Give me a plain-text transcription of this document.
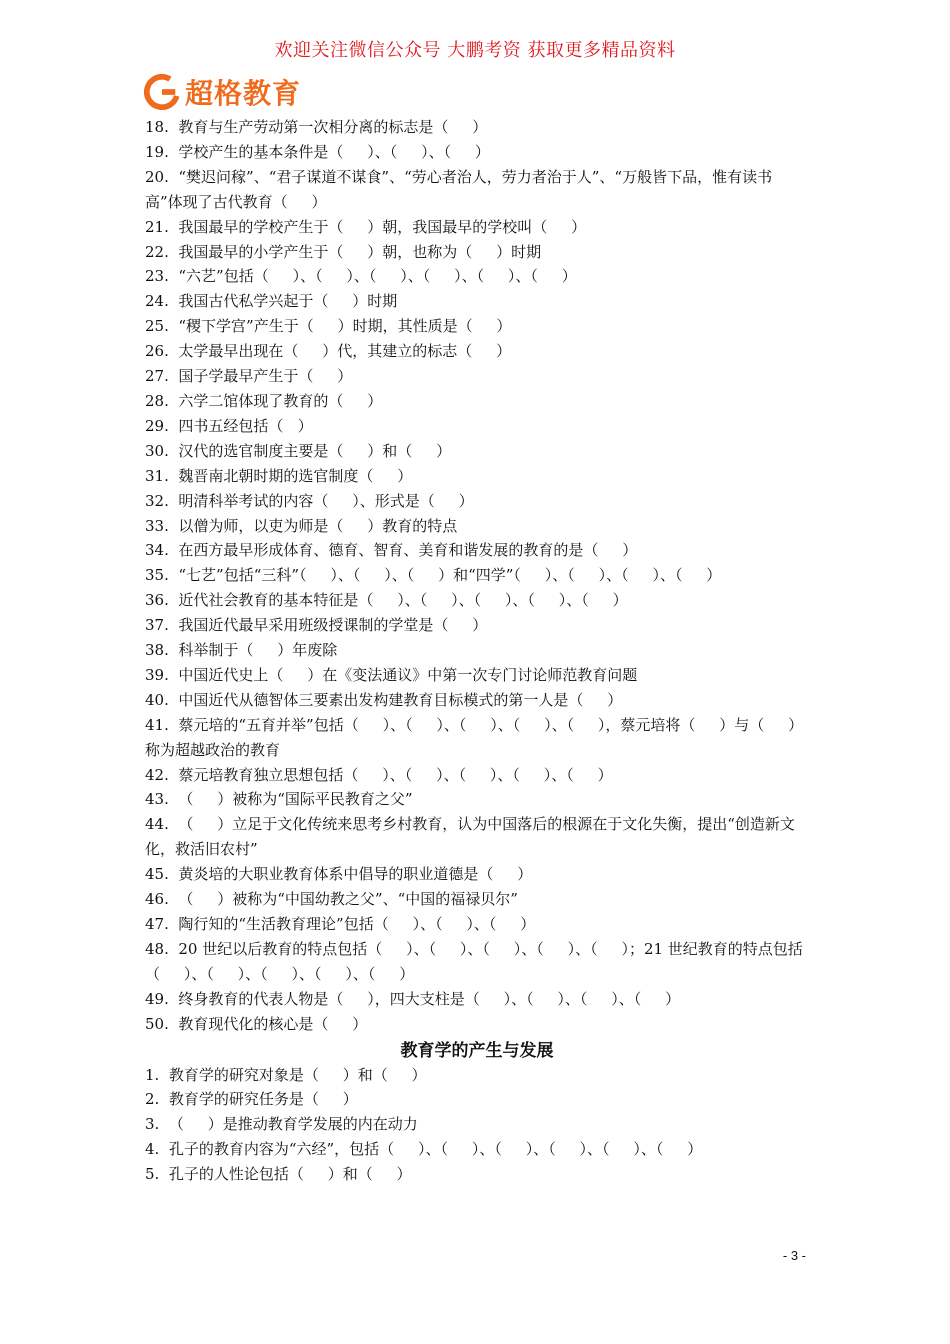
欢迎关注微信公众号 大鹏考资 获取更多精品资料
超格教育
18.  教育与生产劳动第一次相分离的标志是（     ）
19.  学校产生的基本条件是（     ）、（     ）、（     ）
20.  “樊迟问稼”、“君子谋道不谋食”、“劳心者治人，劳力者治于人”、“万般皆下品，惟有读书高”体现了古代教育（     ）
21.  我国最早的学校产生于（     ）朝，我国最早的学校叫（     ）
22.  我国最早的小学产生于（     ）朝，也称为（     ）时期
23.  “六艺”包括（     ）、（     ）、（     ）、（     ）、（     ）、（     ）
24.  我国古代私学兴起于（     ）时期
25.  “稷下学宫”产生于（     ）时期，其性质是（     ）
26.  太学最早出现在（     ）代，其建立的标志（     ）
27.  国子学最早产生于（     ）
28.  六学二馆体现了教育的（     ）
29.  四书五经包括（   ）
30.  汉代的选官制度主要是（     ）和（     ）
31.  魏晋南北朝时期的选官制度（     ）
32.  明清科举考试的内容（     ）、形式是（     ）
33.  以僧为师，以吏为师是（     ）教育的特点
34.  在西方最早形成体育、德育、智育、美育和谐发展的教育的是（     ）
35.  “七艺”包括“三科”（     ）、（     ）、（     ）和“四学”（     ）、（     ）、（     ）、（     ）
36.  近代社会教育的基本特征是（     ）、（     ）、（     ）、（     ）、（     ）
37.  我国近代最早采用班级授课制的学堂是（     ）
38.  科举制于（     ）年废除
39.  中国近代史上（     ）在《变法通议》中第一次专门讨论师范教育问题
40.  中国近代从德智体三要素出发构建教育目标模式的第一人是（     ）
41.  蔡元培的“五育并举”包括（     ）、（     ）、（     ）、（     ）、（     ），蔡元培将（     ）与（     ）称为超越政治的教育
42.  蔡元培教育独立思想包括（     ）、（     ）、（     ）、（     ）、（     ）
43.  （     ）被称为“国际平民教育之父”
44.  （     ）立足于文化传统来思考乡村教育，认为中国落后的根源在于文化失衡，提出“创造新文化，救活旧农村”
45.  黄炎培的大职业教育体系中倡导的职业道德是（     ）
46.  （     ）被称为“中国幼教之父”、“中国的福禄贝尔”
47.  陶行知的“生活教育理论”包括（     ）、（     ）、（     ）
48.  20 世纪以后教育的特点包括（     ）、（     ）、（     ）、（     ）、（     ）；21 世纪教育的特点包括（     ）、（     ）、（     ）、（     ）、（     ）
49.  终身教育的代表人物是（     ），四大支柱是（     ）、（     ）、（     ）、（     ）
50.  教育现代化的核心是（     ）
教育学的产生与发展
1.  教育学的研究对象是（     ）和（     ）
2.  教育学的研究任务是（     ）
3.  （     ）是推动教育学发展的内在动力
4.  孔子的教育内容为“六经”，包括（     ）、（     ）、（     ）、（     ）、（     ）、（     ）
5.  孔子的人性论包括（     ）和（     ）
- 3 -
